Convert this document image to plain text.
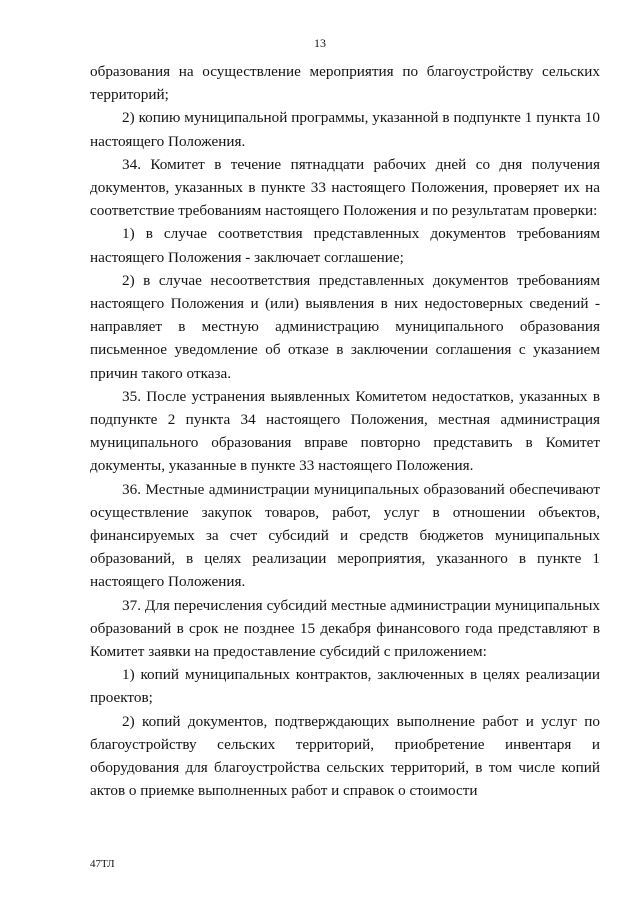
13

образования на осуществление мероприятия по благоустройству сельских территорий;

2) копию муниципальной программы, указанной в подпункте 1 пункта 10 настоящего Положения.

34. Комитет в течение пятнадцати рабочих дней со дня получения документов, указанных в пункте 33 настоящего Положения, проверяет их на соответствие требованиям настоящего Положения и по результатам проверки:

1) в случае соответствия представленных документов требованиям настоящего Положения - заключает соглашение;

2) в случае несоответствия представленных документов требованиям настоящего Положения и (или) выявления в них недостоверных сведений - направляет в местную администрацию муниципального образования письменное уведомление об отказе в заключении соглашения с указанием причин такого отказа.

35. После устранения выявленных Комитетом недостатков, указанных в подпункте 2 пункта 34 настоящего Положения, местная администрация муниципального образования вправе повторно представить в Комитет документы, указанные в пункте 33 настоящего Положения.

36. Местные администрации муниципальных образований обеспечивают осуществление закупок товаров, работ, услуг в отношении объектов, финансируемых за счет субсидий и средств бюджетов муниципальных образований, в целях реализации мероприятия, указанного в пункте 1 настоящего Положения.

37. Для перечисления субсидий местные администрации муниципальных образований в срок не позднее 15 декабря финансового года представляют в Комитет заявки на предоставление субсидий с приложением:

1) копий муниципальных контрактов, заключенных в целях реализации проектов;

2) копий документов, подтверждающих выполнение работ и услуг по благоустройству сельских территорий, приобретение инвентаря и оборудования для благоустройства сельских территорий, в том числе копий актов о приемке выполненных работ и справок о стоимости

47ТЛ
